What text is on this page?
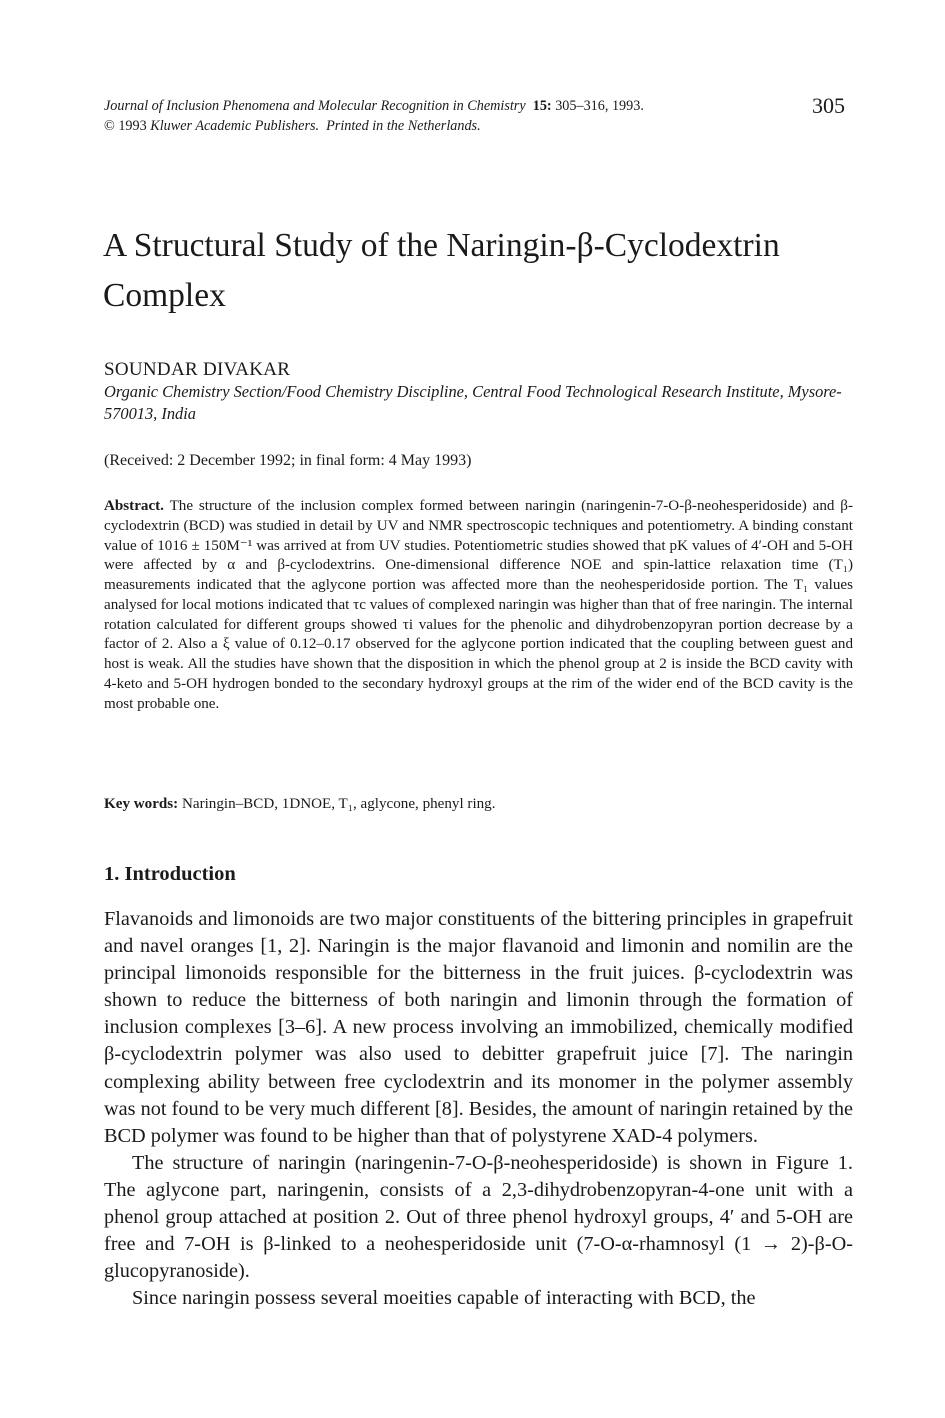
Journal of Inclusion Phenomena and Molecular Recognition in Chemistry 15: 305–316, 1993.
© 1993 Kluwer Academic Publishers. Printed in the Netherlands.
305
A Structural Study of the Naringin-β-Cyclodextrin Complex
SOUNDAR DIVAKAR
Organic Chemistry Section/Food Chemistry Discipline, Central Food Technological Research Institute, Mysore-570013, India
(Received: 2 December 1992; in final form: 4 May 1993)
Abstract. The structure of the inclusion complex formed between naringin (naringenin-7-O-β-neohesperidoside) and β-cyclodextrin (BCD) was studied in detail by UV and NMR spectroscopic techniques and potentiometry. A binding constant value of 1016 ± 150M⁻¹ was arrived at from UV studies. Potentiometric studies showed that pK values of 4′-OH and 5-OH were affected by α and β-cyclodextrins. One-dimensional difference NOE and spin-lattice relaxation time (T₁) measurements indicated that the aglycone portion was affected more than the neohesperidoside portion. The T₁ values analysed for local motions indicated that τc values of complexed naringin was higher than that of free naringin. The internal rotation calculated for different groups showed τi values for the phenolic and dihydrobenzopyran portion decrease by a factor of 2. Also a ξ value of 0.12–0.17 observed for the aglycone portion indicated that the coupling between guest and host is weak. All the studies have shown that the disposition in which the phenol group at 2 is inside the BCD cavity with 4-keto and 5-OH hydrogen bonded to the secondary hydroxyl groups at the rim of the wider end of the BCD cavity is the most probable one.
Key words: Naringin–BCD, 1DNOE, T₁, aglycone, phenyl ring.
1. Introduction

Flavanoids and limonoids are two major constituents of the bittering principles in grapefruit and navel oranges [1, 2]. Naringin is the major flavanoid and limonin and nomilin are the principal limonoids responsible for the bitterness in the fruit juices. β-cyclodextrin was shown to reduce the bitterness of both naringin and limonin through the formation of inclusion complexes [3–6]. A new process involving an immobilized, chemically modified β-cyclodextrin polymer was also used to debitter grapefruit juice [7]. The naringin complexing ability between free cyclodextrin and its monomer in the polymer assembly was not found to be very much different [8]. Besides, the amount of naringin retained by the BCD polymer was found to be higher than that of polystyrene XAD-4 polymers.

The structure of naringin (naringenin-7-O-β-neohesperidoside) is shown in Figure 1. The aglycone part, naringenin, consists of a 2,3-dihydrobenzopyran-4-one unit with a phenol group attached at position 2. Out of three phenol hydroxyl groups, 4′ and 5-OH are free and 7-OH is β-linked to a neohesperidoside unit (7-O-α-rhamnosyl (1 → 2)-β-O-glucopyranoside).

Since naringin possess several moeities capable of interacting with BCD, the
